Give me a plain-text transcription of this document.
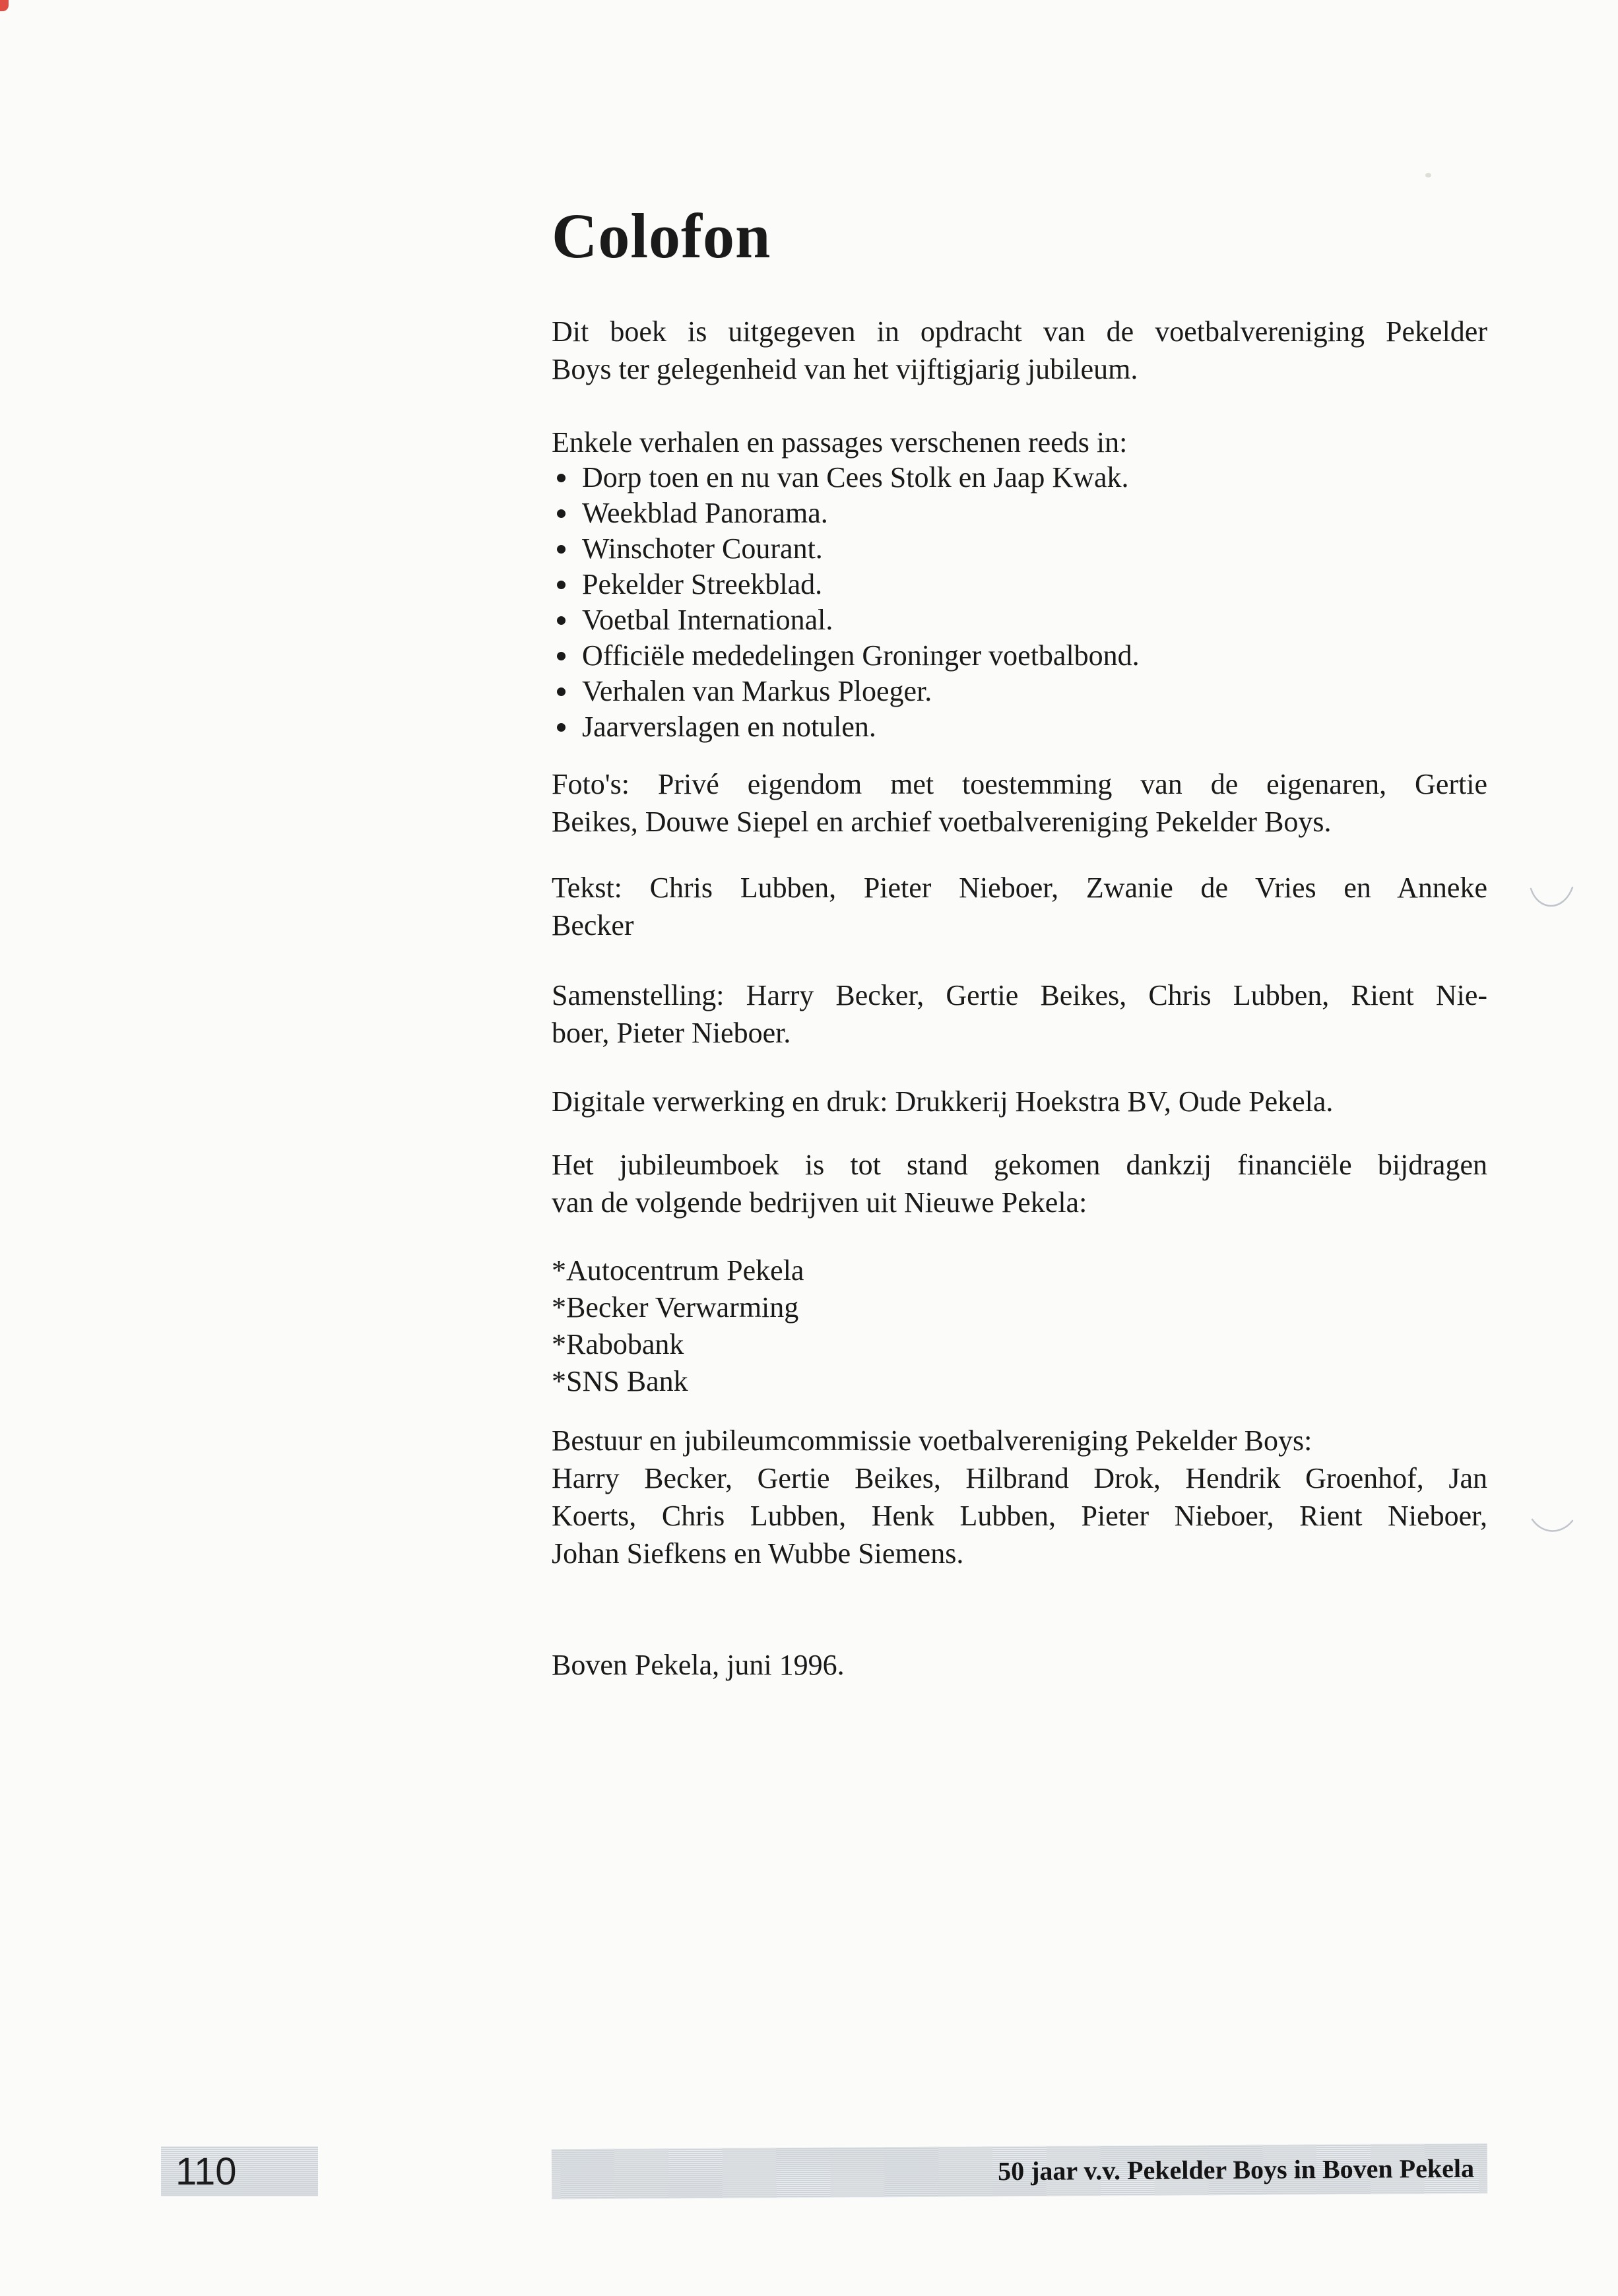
Colofon
Dit boek is uitgegeven in opdracht van de voetbalvereniging Pekelder
Boys ter gelegenheid van het vijftigjarig jubileum.
Enkele verhalen en passages verschenen reeds in:
Dorp toen en nu van Cees Stolk en Jaap Kwak.
Weekblad Panorama.
Winschoter Courant.
Pekelder Streekblad.
Voetbal International.
Officiële mededelingen Groninger voetbalbond.
Verhalen van Markus Ploeger.
Jaarverslagen en notulen.
Foto's: Privé eigendom met toestemming van de eigenaren, Gertie
Beikes, Douwe Siepel en archief voetbalvereniging Pekelder Boys.
Tekst: Chris Lubben, Pieter Nieboer, Zwanie de Vries en Anneke
Becker
Samenstelling: Harry Becker, Gertie Beikes, Chris Lubben, Rient Nie-
boer, Pieter Nieboer.
Digitale verwerking en druk: Drukkerij Hoekstra BV, Oude Pekela.
Het jubileumboek is tot stand gekomen dankzij financiële bijdragen
van de volgende bedrijven uit Nieuwe Pekela:
*Autocentrum Pekela
*Becker Verwarming
*Rabobank
*SNS Bank
Bestuur en jubileumcommissie voetbalvereniging Pekelder Boys:
Harry Becker, Gertie Beikes, Hilbrand Drok, Hendrik Groenhof, Jan
Koerts, Chris Lubben, Henk Lubben, Pieter Nieboer, Rient Nieboer,
Johan Siefkens en Wubbe Siemens.
Boven Pekela, juni 1996.
110	50 jaar v.v. Pekelder Boys in Boven Pekela
